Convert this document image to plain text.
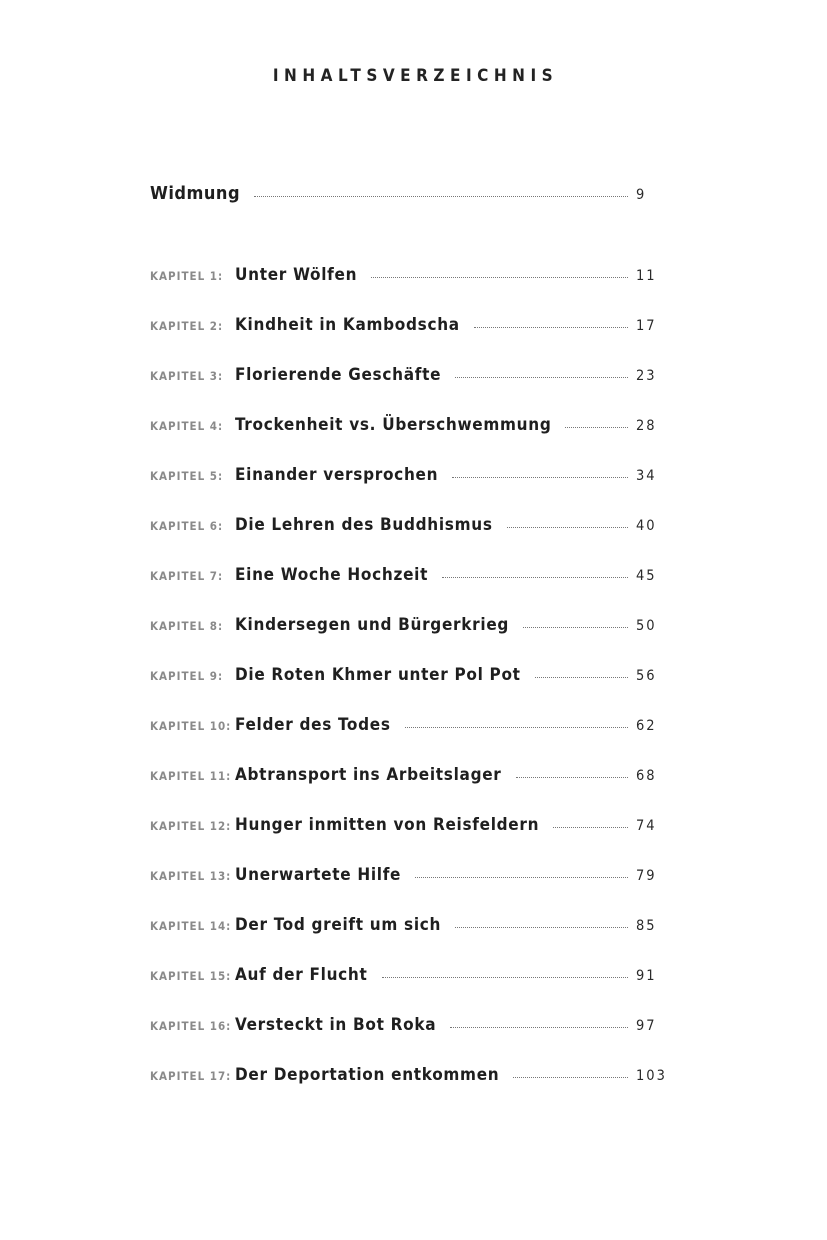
INHALTSVERZEICHNIS
Widmung	9
KAPITEL 1: Unter Wölfen	11
KAPITEL 2: Kindheit in Kambodscha	17
KAPITEL 3: Florierende Geschäfte	23
KAPITEL 4: Trockenheit vs. Überschwemmung	28
KAPITEL 5: Einander versprochen	34
KAPITEL 6: Die Lehren des Buddhismus	40
KAPITEL 7: Eine Woche Hochzeit	45
KAPITEL 8: Kindersegen und Bürgerkrieg	50
KAPITEL 9: Die Roten Khmer unter Pol Pot	56
KAPITEL 10: Felder des Todes	62
KAPITEL 11: Abtransport ins Arbeitslager	68
KAPITEL 12: Hunger inmitten von Reisfeldern	74
KAPITEL 13: Unerwartete Hilfe	79
KAPITEL 14: Der Tod greift um sich	85
KAPITEL 15: Auf der Flucht	91
KAPITEL 16: Versteckt in Bot Roka	97
KAPITEL 17: Der Deportation entkommen	103
